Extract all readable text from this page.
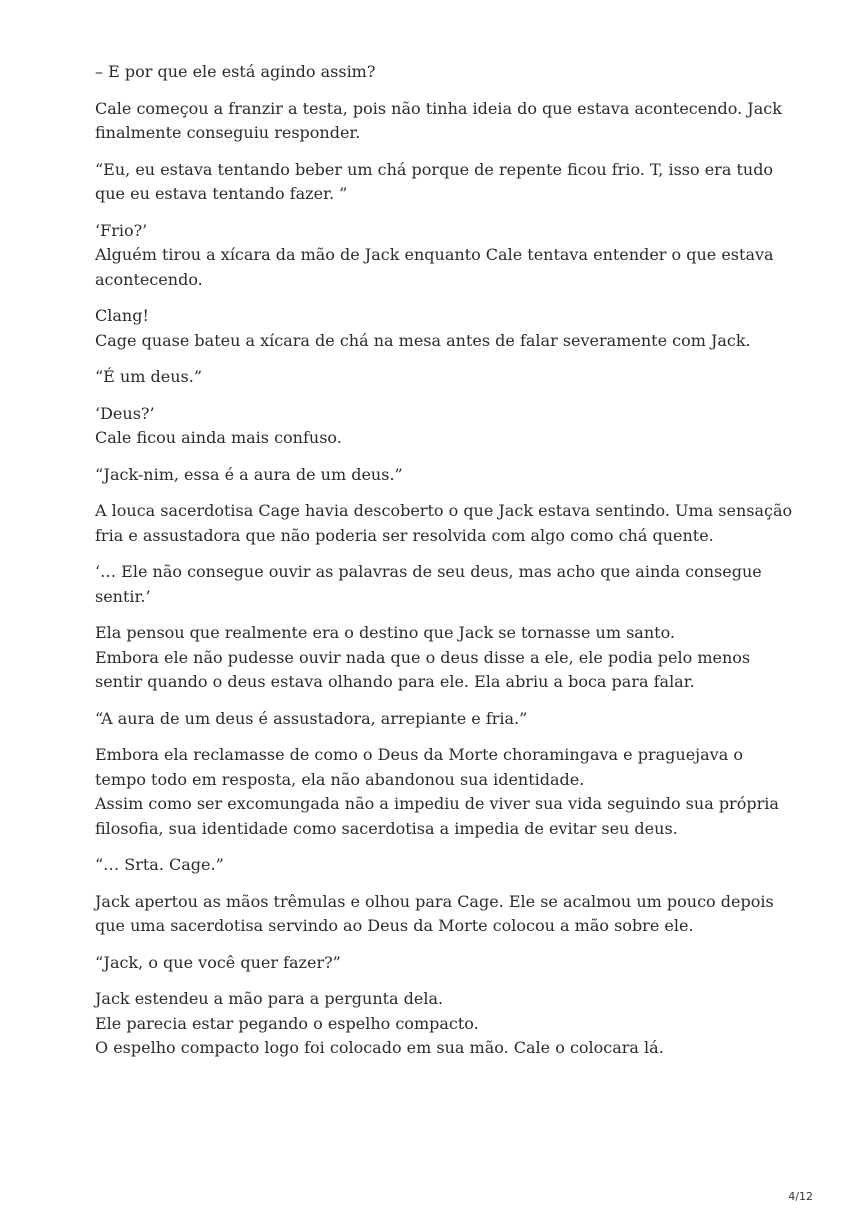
– E por que ele está agindo assim?

Cale começou a franzir a testa, pois não tinha ideia do que estava acontecendo. Jack finalmente conseguiu responder.

“Eu, eu estava tentando beber um chá porque de repente ficou frio. T, isso era tudo que eu estava tentando fazer. ”

‘Frio?’
Alguém tirou a xícara da mão de Jack enquanto Cale tentava entender o que estava acontecendo.

Clang!
Cage quase bateu a xícara de chá na mesa antes de falar severamente com Jack.

“É um deus.”

‘Deus?’
Cale ficou ainda mais confuso.

“Jack-nim, essa é a aura de um deus.”

A louca sacerdotisa Cage havia descoberto o que Jack estava sentindo. Uma sensação fria e assustadora que não poderia ser resolvida com algo como chá quente.

‘… Ele não consegue ouvir as palavras de seu deus, mas acho que ainda consegue sentir.’

Ela pensou que realmente era o destino que Jack se tornasse um santo.
Embora ele não pudesse ouvir nada que o deus disse a ele, ele podia pelo menos sentir quando o deus estava olhando para ele. Ela abriu a boca para falar.

“A aura de um deus é assustadora, arrepiante e fria.”

Embora ela reclamasse de como o Deus da Morte choramingava e praguejava o tempo todo em resposta, ela não abandonou sua identidade.
Assim como ser excomungada não a impediu de viver sua vida seguindo sua própria filosofia, sua identidade como sacerdotisa a impedia de evitar seu deus.

“… Srta. Cage.”

Jack apertou as mãos trêmulas e olhou para Cage. Ele se acalmou um pouco depois que uma sacerdotisa servindo ao Deus da Morte colocou a mão sobre ele.

“Jack, o que você quer fazer?”

Jack estendeu a mão para a pergunta dela.
Ele parecia estar pegando o espelho compacto.
O espelho compacto logo foi colocado em sua mão. Cale o colocara lá.

4/12
